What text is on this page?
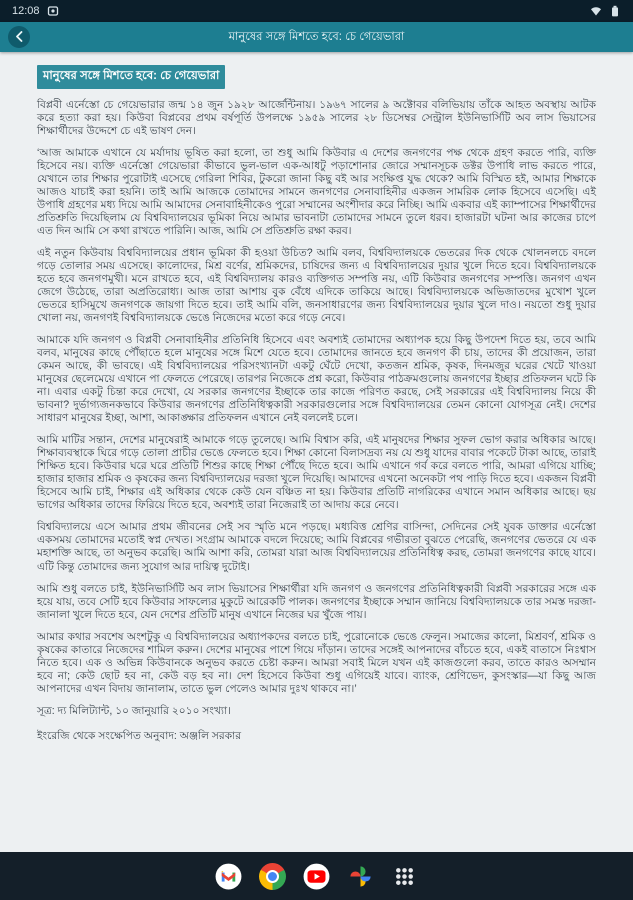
12:08
মানুষের সঙ্গে মিশতে হবে: চে গেয়েভারা
মানুষের সঙ্গে মিশতে হবে: চে গেয়েভারা

বিপ্লবী এর্নেস্তো চে গেয়েভারার জন্ম ১৪ জুন ১৯২৮ আর্জেন্টিনায়। ১৯৬৭ সালের ৯ অক্টোবর বলিভিয়ায় তাঁকে আহত অবস্থায় আটক করে হত্যা করা হয়। কিউবা বিপ্লবের প্রথম বর্ষপূর্তি উপলক্ষে ১৯৫৯ সালের ২৮ ডিসেম্বর সেন্ট্রাল ইউনিভার্সিটি অব লাস ভিয়াসের শিক্ষার্থীদের উদ্দেশে চে এই ভাষণ দেন।

‘আজ আমাকে এখানে যে মর্যাদায় ভূষিত করা হলো, তা শুধু আমি কিউবার এ দেশের জনগণের পক্ষ থেকে গ্রহণ করতে পারি, ব্যক্তি হিসেবে নয়। ব্যক্তি এর্নেস্তো গেয়েভারা কীভাবে ভুল-ভাল এক-আধটু পড়াশোনার জোরে সম্মানসূচক ডক্টর উপাধি লাভ করতে পারে, যেখানে তার শিক্ষার পুরোটাই এসেছে গেরিলা শিবির, টুকরো জানা কিছু বই আর সংক্ষিপ্ত যুদ্ধ থেকে? আমি বিস্মিত হই, আমার শিক্ষাকে আজও যাচাই করা হয়নি। তাই আমি আজকে তোমাদের সামনে জনগণের সেনাবাহিনীর একজন সামরিক লোক হিসেবে এসেছি। এই উপাধি গ্রহণের মধ্য দিয়ে আমি আমাদের সেনাবাহিনীকেও পুরো সম্মানের অংশীদার করে নিচ্ছি। আমি একবার এই ক্যাম্পাসের শিক্ষার্থীদের প্রতিশ্রুতি দিয়েছিলাম যে বিশ্ববিদ্যালয়ের ভূমিকা নিয়ে আমার ভাবনাটা তোমাদের সামনে তুলে ধরব। হাজারটা ঘটনা আর কাজের চাপে এত দিন আমি সে কথা রাখতে পারিনি। আজ, আমি সে প্রতিশ্রুতি রক্ষা করব।

এই নতুন কিউবায় বিশ্ববিদ্যালয়ের প্রধান ভূমিকা কী হওয়া উচিত? আমি বলব, বিশ্ববিদ্যালয়কে ভেতরের দিক থেকে খোলনলচে বদলে গড়ে তোলার সময় এসেছে। কালোদের, মিশ্র বর্ণের, শ্রমিকদের, চাষিদের জন্য এ বিশ্ববিদ্যালয়ের দুয়ার খুলে দিতে হবে। বিশ্ববিদ্যালয়কে হতে হবে জনগণমুখী। মনে রাখতে হবে, এই বিশ্ববিদ্যালয় কারও ব্যক্তিগত সম্পত্তি নয়, এটি কিউবার জনগণের সম্পত্তি। জনগণ এখন জেগে উঠেছে, তারা অপ্রতিরোধ্য। আজ তারা আশায় বুক বেঁধে এদিকে তাকিয়ে আছে। বিশ্ববিদ্যালয়কে অভিজাতদের মুখোশ খুলে ভেতরে হাসিমুখে জনগণকে জায়গা দিতে হবে। তাই আমি বলি, জনসাধারণের জন্য বিশ্ববিদ্যালয়ের দুয়ার খুলে দাও। নয়তো শুধু দুয়ার খোলা নয়, জনগণই বিশ্ববিদ্যালয়কে ভেঙে নিজেদের মতো করে গড়ে নেবে।

আমাকে যদি জনগণ ও বিপ্লবী সেনাবাহিনীর প্রতিনিধি হিসেবে এবং অবশ্যই তোমাদের অধ্যাপক হয়ে কিছু উপদেশ দিতে হয়, তবে আমি বলব, মানুষের কাছে পৌঁছাতে হলে মানুষের সঙ্গে মিশে যেতে হবে। তোমাদের জানতে হবে জনগণ কী চায়, তাদের কী প্রয়োজন, তারা কেমন আছে, কী ভাবছে। এই বিশ্ববিদ্যালয়ের পরিসংখ্যানটা একটু ঘেঁটে দেখো, কতজন শ্রমিক, কৃষক, দিনমজুর ঘরের খেটে খাওয়া মানুষের ছেলেমেয়ে এখানে পা ফেলতে পেরেছে। তারপর নিজেকে প্রশ্ন করো, কিউবার পাঠক্রমগুলোয় জনগণের ইচ্ছার প্রতিফলন ঘটে কি না। এবার একটু চিন্তা করে দেখো, যে সরকার জনগণের ইচ্ছাকে তার কাজে পরিণত করছে, সেই সরকারের এই বিশ্ববিদ্যালয় নিয়ে কী ভাবনা? দুর্ভাগ্যজনকভাবে কিউবার জনগণের প্রতিনিধিত্বকারী সরকারগুলোর সঙ্গে বিশ্ববিদ্যালয়ের তেমন কোনো যোগসূত্র নেই। দেশের সাধারণ মানুষের ইচ্ছা, আশা, আকাঙ্ক্ষার প্রতিফলন এখানে নেই বললেই চলে।

আমি মাটির সন্তান, দেশের মানুষেরাই আমাকে গড়ে তুলেছে। আমি বিশ্বাস করি, এই মানুষদের শিক্ষার সুফল ভোগ করার অধিকার আছে। শিক্ষাব্যবস্থাকে ঘিরে গড়ে তোলা প্রাচীর ভেঙে ফেলতে হবে। শিক্ষা কোনো বিলাসদ্রব্য নয় যে শুধু যাদের বাবার পকেটে টাকা আছে, তারাই শিক্ষিত হবে। কিউবার ঘরে ঘরে প্রতিটি শিশুর কাছে শিক্ষা পৌঁছে দিতে হবে। আমি এখানে গর্ব করে বলতে পারি, আমরা এগিয়ে যাচ্ছি; হাজার হাজার শ্রমিক ও কৃষকের জন্য বিশ্ববিদ্যালয়ের দরজা খুলে দিয়েছি। আমাদের এখনো অনেকটা পথ পাড়ি দিতে হবে। একজন বিপ্লবী হিসেবে আমি চাই, শিক্ষার এই অধিকার থেকে কেউ যেন বঞ্চিত না হয়। কিউবার প্রতিটি নাগরিকের এখানে সমান অধিকার আছে। ছয় ভাগের অধিকার তাদের ফিরিয়ে দিতে হবে, অবশ্যই তারা নিজেরাই তা আদায় করে নেবে।

বিশ্ববিদ্যালয়ে এসে আমার প্রথম জীবনের সেই সব স্মৃতি মনে পড়ছে। মধ্যবিত্ত শ্রেণির বাসিন্দা, সেদিনের সেই যুবক ডাক্তার এর্নেস্তো একসময় তোমাদের মতোই স্বপ্ন দেখত। সংগ্রাম আমাকে বদলে দিয়েছে; আমি বিপ্লবের গভীরতা বুঝতে পেরেছি, জনগণের ভেতরে যে এক মহাশক্তি আছে, তা অনুভব করেছি। আমি আশা করি, তোমরা যারা আজ বিশ্ববিদ্যালয়ের প্রতিনিধিত্ব করছ, তোমরা জনগণের কাছে যাবে। এটি কিন্তু তোমাদের জন্য সুযোগ আর দায়িত্ব দুটোই।

আমি শুধু বলতে চাই, ইউনিভার্সিটি অব লাস ভিয়াসের শিক্ষার্থীরা যদি জনগণ ও জনগণের প্রতিনিধিত্বকারী বিপ্লবী সরকারের সঙ্গে এক হয়ে যায়, তবে সেটি হবে কিউবার সাফল্যের মুকুটে আরেকটি পালক। জনগণের ইচ্ছাকে সম্মান জানিয়ে বিশ্ববিদ্যালয়কে তার সমস্ত দরজা-জানালা খুলে দিতে হবে, যেন দেশের প্রতিটি মানুষ এখানে নিজের ঘর খুঁজে পায়।

আমার কথার সবশেষ অংশটুকু এ বিশ্ববিদ্যালয়ের অধ্যাপকদের বলতে চাই, পুরোনোকে ভেঙে ফেলুন। সমাজের কালো, মিশ্রবর্ণ, শ্রমিক ও কৃষকের কাতারে নিজেদের শামিল করুন। দেশের মানুষের পাশে গিয়ে দাঁড়ান। তাদের সঙ্গেই আপনাদের বাঁচতে হবে, একই বাতাসে নিঃশ্বাস নিতে হবে। এক ও অভিন্ন কিউবানকে অনুভব করতে চেষ্টা করুন। আমরা সবাই মিলে যখন এই কাজগুলো করব, তাতে কারও অসম্মান হবে না; কেউ ছোট হব না, কেউ বড় হব না। দেশ হিসেবে কিউবা শুধু এগিয়েই যাবে। ব্যাংক, শ্রেণিভেদ, কুসংস্কার—যা কিছু আজ আপনাদের এখন বিদায় জানালাম, তাতে ভুল পেলেও আমার দুঃখ থাকবে না।’

সূত্র: দ্য মিলিট্যান্ট, ১০ জানুয়ারি ২০১০ সংখ্যা।

ইংরেজি থেকে সংক্ষেপিত অনুবাদ: অঞ্জলি সরকার
